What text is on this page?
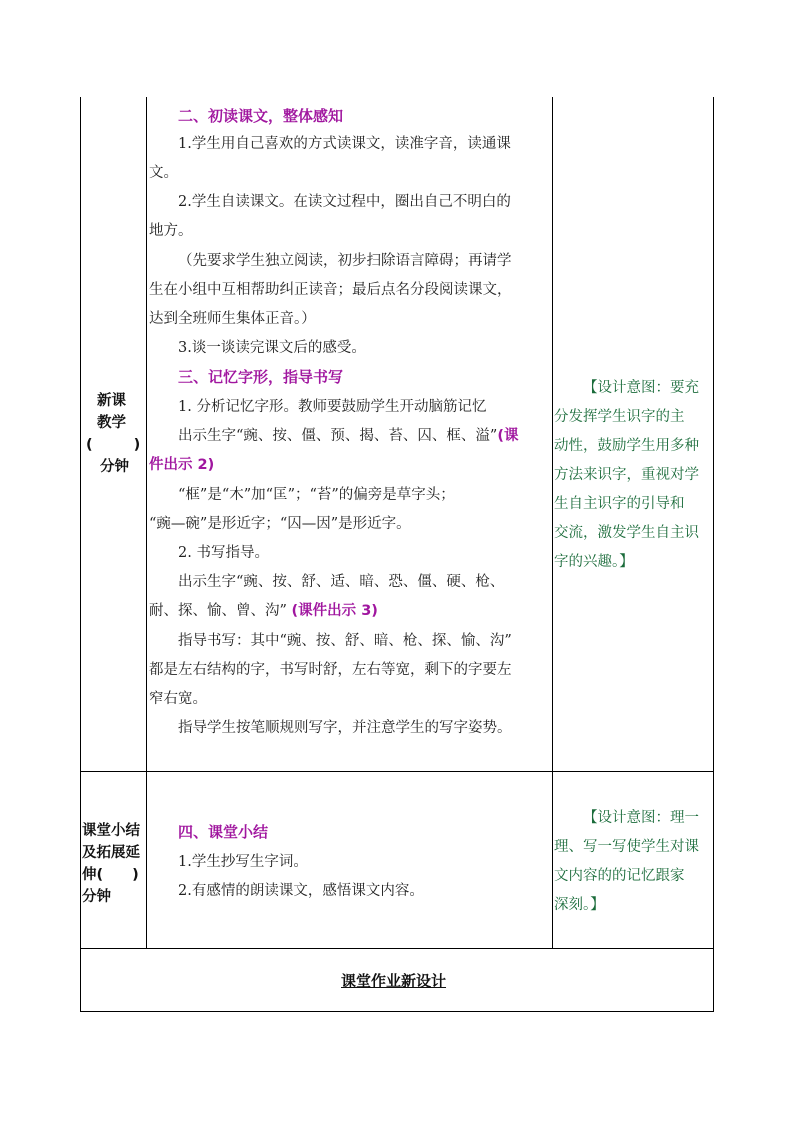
新课
教学
(　　)
分钟
二、初读课文，整体感知
1.学生用自己喜欢的方式读课文，读准字音，读通课
文。
2.学生自读课文。在读文过程中，圈出自己不明白的
地方。
（先要求学生独立阅读，初步扫除语言障碍；再请学
生在小组中互相帮助纠正读音；最后点名分段阅读课文，
达到全班师生集体正音。）
3.谈一谈读完课文后的感受。
三、记忆字形，指导书写
1. 分析记忆字形。教师要鼓励学生开动脑筋记忆
出示生字“豌、按、僵、预、揭、苔、囚、框、溢”(课
件出示 2)
“框”是“木”加“匡”；“苔”的偏旁是草字头；
“豌—碗”是形近字；“囚—因”是形近字。
2. 书写指导。
出示生字“豌、按、舒、适、暗、恐、僵、硬、枪、
耐、探、愉、曾、沟” (课件出示 3)
指导书写：其中“豌、按、舒、暗、枪、探、愉、沟”
都是左右结构的字，书写时舒，左右等宽，剩下的字要左
窄右宽。
指导学生按笔顺规则写字，并注意学生的写字姿势。
【设计意图：要充
分发挥学生识字的主
动性，鼓励学生用多种
方法来识字，重视对学
生自主识字的引导和
交流，激发学生自主识
字的兴趣。】
课堂小结
及拓展延
伸(　　)
分钟
四、课堂小结
1.学生抄写生字词。
2.有感情的朗读课文，感悟课文内容。
【设计意图：理一
理、写一写使学生对课
文内容的的记忆跟家
深刻。】
课堂作业新设计
